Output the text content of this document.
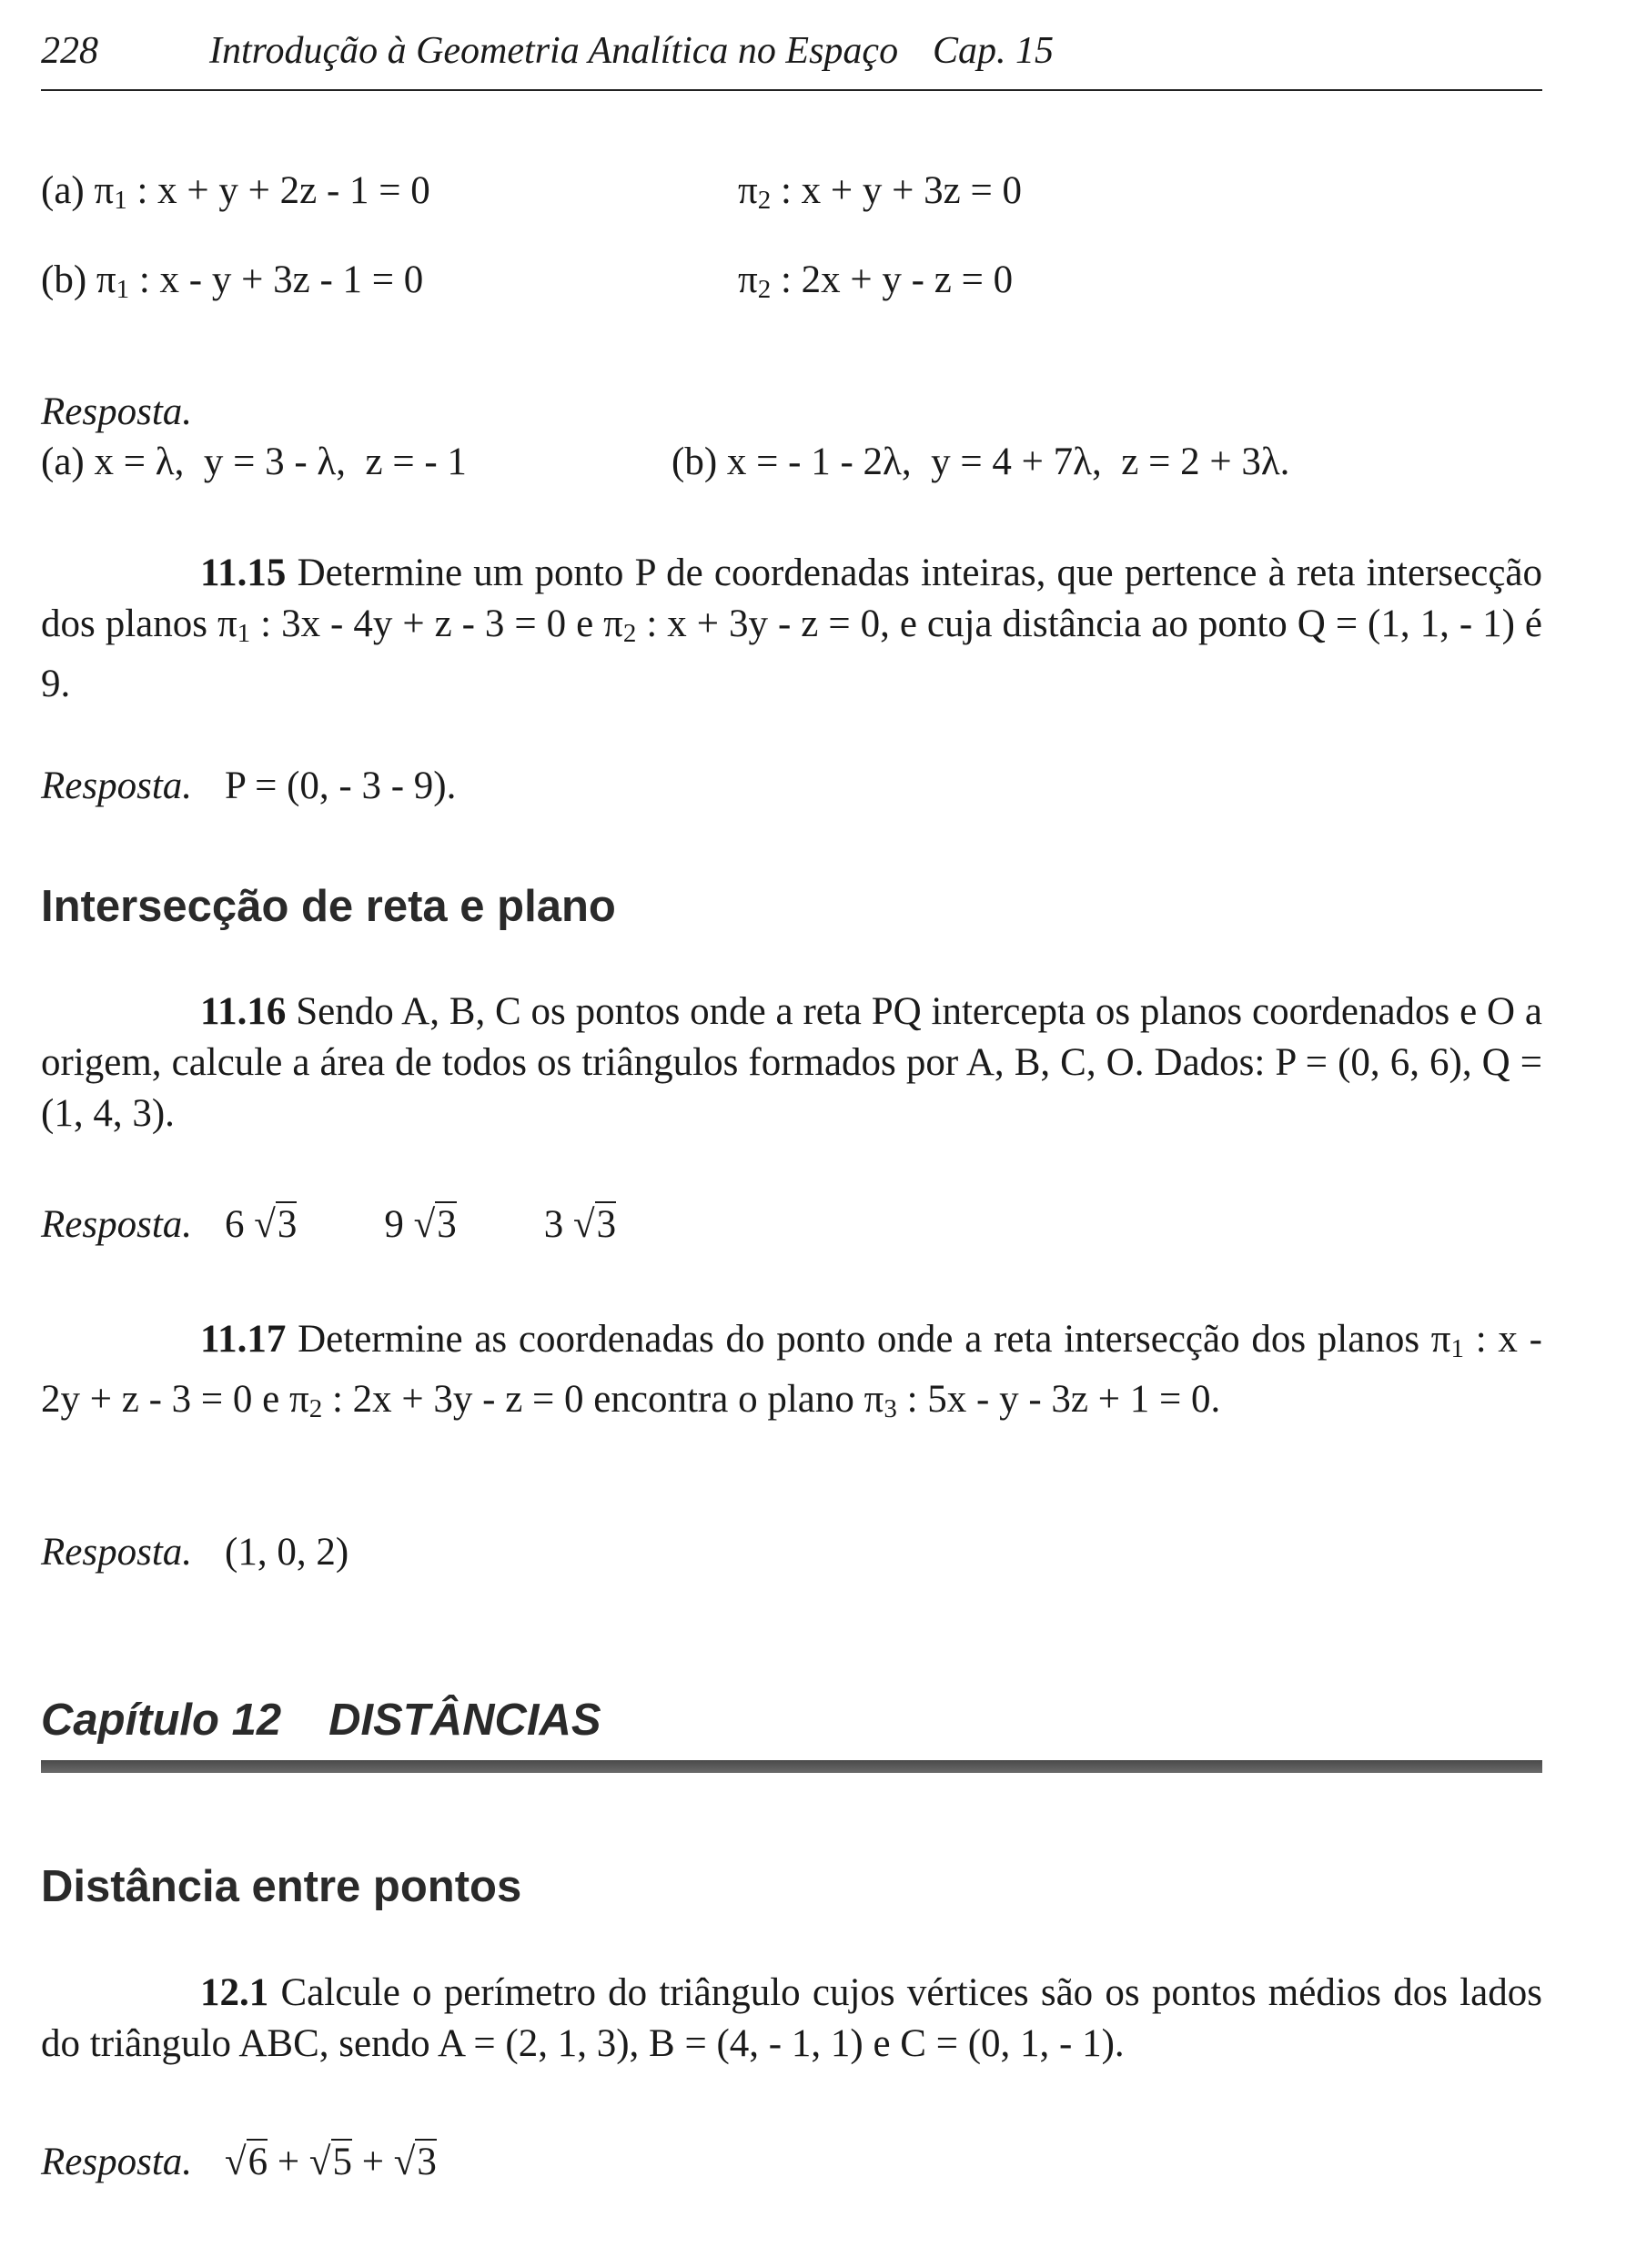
228	Introdução à Geometria Analítica no Espaço Cap. 15
(a) $\pi_1$ : x + y + 2z - 1 = 0	$\pi_2$ : x + y + 3z = 0
(b) $\pi_1$ : x - y + 3z - 1 = 0	$\pi_2$ : 2x + y - z = 0
Resposta.
(a) x = λ,  y = 3 - λ,  z = - 1	(b) x = - 1 - 2λ,  y = 4 + 7λ,  z = 2 + 3λ.
11.15 Determine um ponto P de coordenadas inteiras, que pertence à reta intersecção dos planos $\pi_1$ : 3x - 4y + z - 3 = 0 e $\pi_2$ : x + 3y - z = 0, e cuja distância ao ponto Q = (1, 1, - 1) é 9.
Resposta. P = (0, - 3 - 9).
Intersecção de reta e plano
11.16 Sendo A, B, C os pontos onde a reta PQ intercepta os planos coordenados e O a origem, calcule a área de todos os triângulos formados por A, B, C, O. Dados: P = (0, 6, 6), Q = (1, 4, 3).
Resposta. 6 √3 9 √3 3 √3
11.17 Determine as coordenadas do ponto onde a reta intersecção dos planos $\pi_1$ : x - 2y + z - 3 = 0 e $\pi_2$ : 2x + 3y - z = 0 encontra o plano $\pi_3$ : 5x - y - 3z + 1 = 0.
Resposta. (1, 0, 2)
Capítulo 12 DISTÂNCIAS
Distância entre pontos
12.1 Calcule o perímetro do triângulo cujos vértices são os pontos médios dos lados do triângulo ABC, sendo A = (2, 1, 3), B = (4, - 1, 1) e C = (0, 1, - 1).
Resposta. √6 + √5 + √3
